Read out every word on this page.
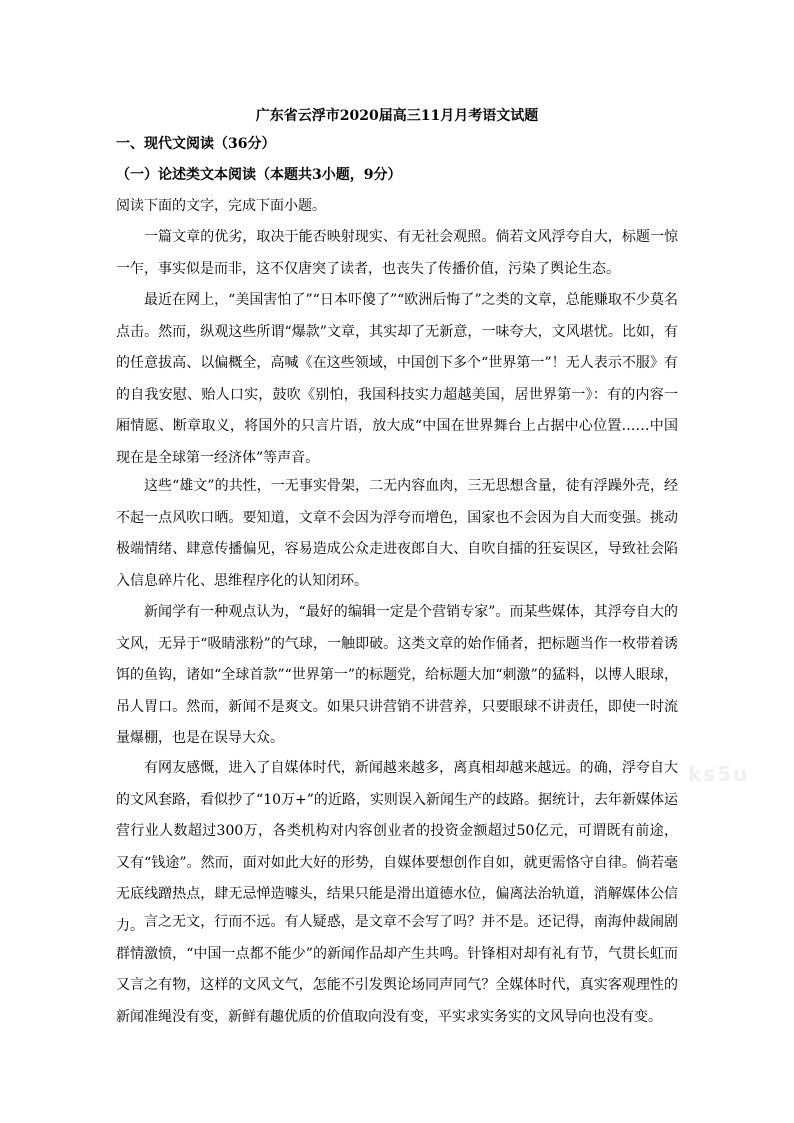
广东省云浮市2020届高三11月月考语文试题
一、现代文阅读（36分）
（一）论述类文本阅读（本题共3小题，9分）
阅读下面的文字，完成下面小题。

一篇文章的优劣，取决于能否映射现实、有无社会观照。倘若文风浮夸自大，标题一惊一乍，事实似是而非，这不仅唐突了读者，也丧失了传播价值，污染了舆论生态。

最近在网上，“美国害怕了”“日本吓傻了”“欧洲后悔了”之类的文章，总能赚取不少莫名点击。然而，纵观这些所谓“爆款”文章，其实却了无新意，一味夸大，文风堪忧。比如，有的任意拔高、以偏概全，高喊《在这些领域，中国创下多个“世界第一”！无人表示不服》有的自我安慰、贻人口实，鼓吹《别怕，我国科技实力超越美国，居世界第一》：有的内容一厢情愿、断章取义，将国外的只言片语，放大成“中国在世界舞台上占据中心位置……中国现在是全球第一经济体”等声音。

这些“雄文”的共性，一无事实骨架，二无内容血肉，三无思想含量，徒有浮躁外壳，经不起一点风吹口晒。要知道，文章不会因为浮夸而增色，国家也不会因为自大而变强。挑动极端情绪、肆意传播偏见，容易造成公众走进夜郎自大、自吹自擂的狂妄误区，导致社会陷入信息碎片化、思维程序化的认知闭环。

新闻学有一种观点认为，“最好的编辑一定是个营销专家”。而某些媒体，其浮夸自大的文风，无异于“吸睛涨粉”的气球，一触即破。这类文章的始作俑者，把标题当作一枚带着诱饵的鱼钩，诸如“全球首款”“世界第一”的标题党，给标题大加“刺激”的猛料，以博人眼球，吊人胃口。然而，新闻不是爽文。如果只讲营销不讲营养，只要眼球不讲责任，即使一时流量爆棚，也是在误导大众。

有网友感慨，进入了自媒体时代，新闻越来越多，离真相却越来越远。的确，浮夸自大的文风套路，看似抄了“10万+”的近路，实则误入新闻生产的歧路。据统计，去年新媒体运营行业人数超过300万，各类机构对内容创业者的投资金额超过50亿元，可谓既有前途，又有“钱途”。然而，面对如此大好的形势，自媒体要想创作自如，就更需恪守自律。倘若毫无底线蹭热点，肆无忌惮造噱头，结果只能是滑出道德水位，偏离法治轨道，消解媒体公信力。 言之无文，行而不远。有人疑惑，是文章不会写了吗？并不是。还记得，南海仲裁闹剧群情激愤，“中国一点都不能少”的新闻作品却产生共鸣。针锋相对却有礼有节，气贯长虹而又言之有物，这样的文风文气，怎能不引发舆论场同声同气？全媒体时代，真实客观理性的新闻准绳没有变，新鲜有趣优质的价值取向没有变，平实求实务实的文风导向也没有变。

ks5u
